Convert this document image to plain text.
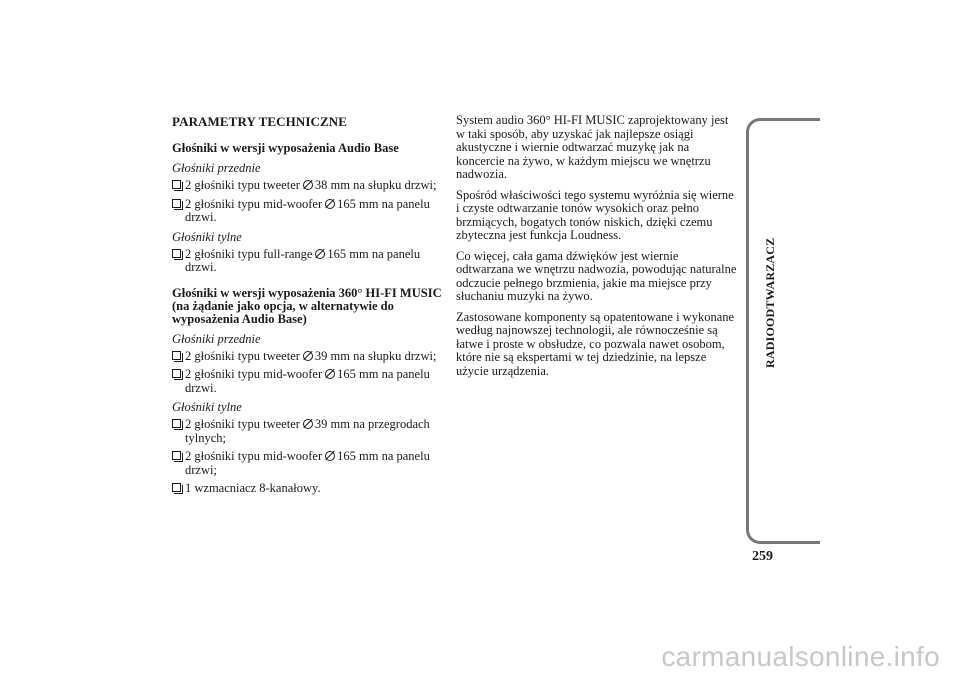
PARAMETRY TECHNICZNE
Głośniki w wersji wyposażenia Audio Base

Głośniki przednie

2 głośniki typu tweeter 38 mm na słupku drzwi;
2 głośniki typu mid-woofer 165 mm na panelu drzwi.

Głośniki tylne

2 głośniki typu full-range 165 mm na panelu drzwi.
Głośniki w wersji wyposażenia 360° HI-FI MUSIC (na żądanie jako opcja, w alternatywie do wyposażenia Audio Base)

Głośniki przednie

2 głośniki typu tweeter 39 mm na słupku drzwi;
2 głośniki typu mid-woofer 165 mm na panelu drzwi.

Głośniki tylne

2 głośniki typu tweeter 39 mm na przegrodach tylnych;
2 głośniki typu mid-woofer 165 mm na panelu drzwi;
1 wzmacniacz 8-kanałowy.

System audio 360° HI-FI MUSIC zaprojektowany jest w taki sposób, aby uzyskać jak najlepsze osiągi akustyczne i wiernie odtwarzać muzykę jak na koncercie na żywo, w każdym miejscu we wnętrzu nadwozia.

Spośród właściwości tego systemu wyróżnia się wierne i czyste odtwarzanie tonów wysokich oraz pełno brzmiących, bogatych tonów niskich, dzięki czemu zbyteczna jest funkcja Loudness.

Co więcej, cała gama dźwięków jest wiernie odtwarzana we wnętrzu nadwozia, powodując naturalne odczucie pełnego brzmienia, jakie ma miejsce przy słuchaniu muzyki na żywo.

Zastosowane komponenty są opatentowane i wykonane według najnowszej technologii, ale równocześnie są łatwe i proste w obsłudze, co pozwala nawet osobom, które nie są ekspertami w tej dziedzinie, na lepsze użycie urządzenia.

RADIOODTWARZACZ
259
carmanualsonline.info
